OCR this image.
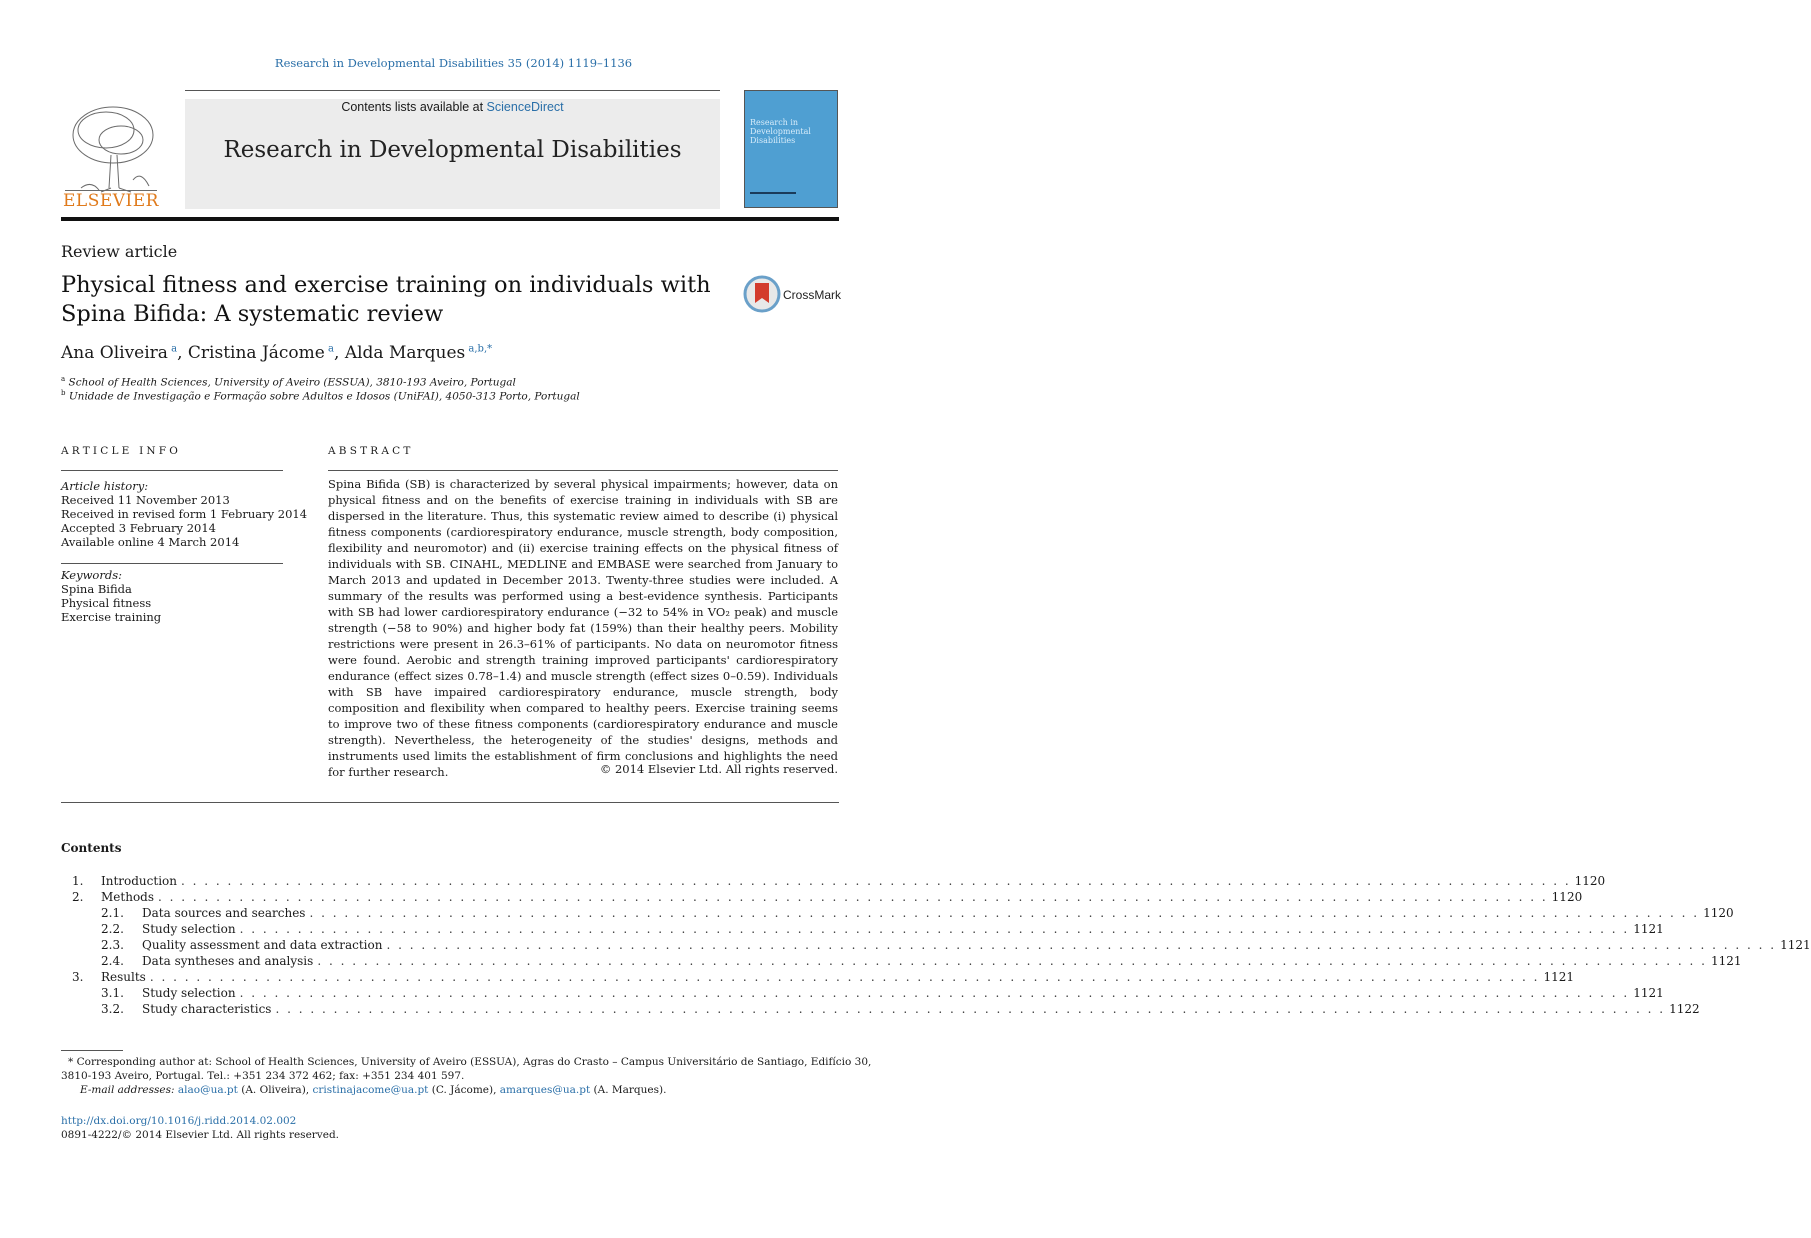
Research in Developmental Disabilities 35 (2014) 1119–1136
Contents lists available at ScienceDirect
Research in Developmental Disabilities
ELSEVIER
Research in Developmental Disabilities
Review article
Physical fitness and exercise training on individuals with Spina Bifida: A systematic review
CrossMark
Ana Oliveira $^a$, Cristina Jácome $^a$, Alda Marques $^{a,b,*}$
$^a$ School of Health Sciences, University of Aveiro (ESSUA), 3810-193 Aveiro, Portugal
$^b$ Unidade de Investigação e Formação sobre Adultos e Idosos (UniFAI), 4050-313 Porto, Portugal
ARTICLE INFO	ABSTRACT
Article history:
Received 11 November 2013
Received in revised form 1 February 2014
Accepted 3 February 2014
Available online 4 March 2014
Keywords:
Spina Bifida
Physical fitness
Exercise training
Spina Bifida (SB) is characterized by several physical impairments; however, data on physical fitness and on the benefits of exercise training in individuals with SB are dispersed in the literature. Thus, this systematic review aimed to describe (i) physical fitness components (cardiorespiratory endurance, muscle strength, body composition, flexibility and neuromotor) and (ii) exercise training effects on the physical fitness of individuals with SB. CINAHL, MEDLINE and EMBASE were searched from January to March 2013 and updated in December 2013. Twenty-three studies were included. A summary of the results was performed using a best-evidence synthesis. Participants with SB had lower cardiorespiratory endurance (−32 to 54% in VO₂ peak) and muscle strength (−58 to 90%) and higher body fat (159%) than their healthy peers. Mobility restrictions were present in 26.3–61% of participants. No data on neuromotor fitness were found. Aerobic and strength training improved participants' cardiorespiratory endurance (effect sizes 0.78–1.4) and muscle strength (effect sizes 0–0.59). Individuals with SB have impaired cardiorespiratory endurance, muscle strength, body composition and flexibility when compared to healthy peers. Exercise training seems to improve two of these fitness components (cardiorespiratory endurance and muscle strength). Nevertheless, the heterogeneity of the studies' designs, methods and instruments used limits the establishment of firm conclusions and highlights the need for further research.	© 2014 Elsevier Ltd. All rights reserved.
Contents
1. Introduction . . . . . . . . . . . . . . . . . . . . . . . . . . . . . . . . . . . . . . . . . . . . . . . . . . . . . . . . . . . . . . . . . . . . . . . . . . . . . . . . . . . . . . . . . . . . . . . . . . . . . . . . . . . . . . . . . . . . . . . . 1120
2. Methods . . . . . . . . . . . . . . . . . . . . . . . . . . . . . . . . . . . . . . . . . . . . . . . . . . . . . . . . . . . . . . . . . . . . . . . . . . . . . . . . . . . . . . . . . . . . . . . . . . . . . . . . . . . . . . . . . . . . . . . . 1120
2.1. Data sources and searches . . . . . . . . . . . . . . . . . . . . . . . . . . . . . . . . . . . . . . . . . . . . . . . . . . . . . . . . . . . . . . . . . . . . . . . . . . . . . . . . . . . . . . . . . . . . . . . . . . . . . . . . . . . . . . . . . . . . . . . . 1120
2.2. Study selection . . . . . . . . . . . . . . . . . . . . . . . . . . . . . . . . . . . . . . . . . . . . . . . . . . . . . . . . . . . . . . . . . . . . . . . . . . . . . . . . . . . . . . . . . . . . . . . . . . . . . . . . . . . . . . . . . . . . . . . . 1121
2.3. Quality assessment and data extraction . . . . . . . . . . . . . . . . . . . . . . . . . . . . . . . . . . . . . . . . . . . . . . . . . . . . . . . . . . . . . . . . . . . . . . . . . . . . . . . . . . . . . . . . . . . . . . . . . . . . . . . . . . . . . . . . . . . . . . . . 1121
2.4. Data syntheses and analysis . . . . . . . . . . . . . . . . . . . . . . . . . . . . . . . . . . . . . . . . . . . . . . . . . . . . . . . . . . . . . . . . . . . . . . . . . . . . . . . . . . . . . . . . . . . . . . . . . . . . . . . . . . . . . . . . . . . . . . . . 1121
3. Results . . . . . . . . . . . . . . . . . . . . . . . . . . . . . . . . . . . . . . . . . . . . . . . . . . . . . . . . . . . . . . . . . . . . . . . . . . . . . . . . . . . . . . . . . . . . . . . . . . . . . . . . . . . . . . . . . . . . . . . . 1121
3.1. Study selection . . . . . . . . . . . . . . . . . . . . . . . . . . . . . . . . . . . . . . . . . . . . . . . . . . . . . . . . . . . . . . . . . . . . . . . . . . . . . . . . . . . . . . . . . . . . . . . . . . . . . . . . . . . . . . . . . . . . . . . . 1121
3.2. Study characteristics . . . . . . . . . . . . . . . . . . . . . . . . . . . . . . . . . . . . . . . . . . . . . . . . . . . . . . . . . . . . . . . . . . . . . . . . . . . . . . . . . . . . . . . . . . . . . . . . . . . . . . . . . . . . . . . . . . . . . . . . 1122
* Corresponding author at: School of Health Sciences, University of Aveiro (ESSUA), Agras do Crasto – Campus Universitário de Santiago, Edifício 30,
3810-193 Aveiro, Portugal. Tel.: +351 234 372 462; fax: +351 234 401 597.
E-mail addresses: alao@ua.pt (A. Oliveira), cristinajacome@ua.pt (C. Jácome), amarques@ua.pt (A. Marques).
http://dx.doi.org/10.1016/j.ridd.2014.02.002
0891-4222/© 2014 Elsevier Ltd. All rights reserved.
